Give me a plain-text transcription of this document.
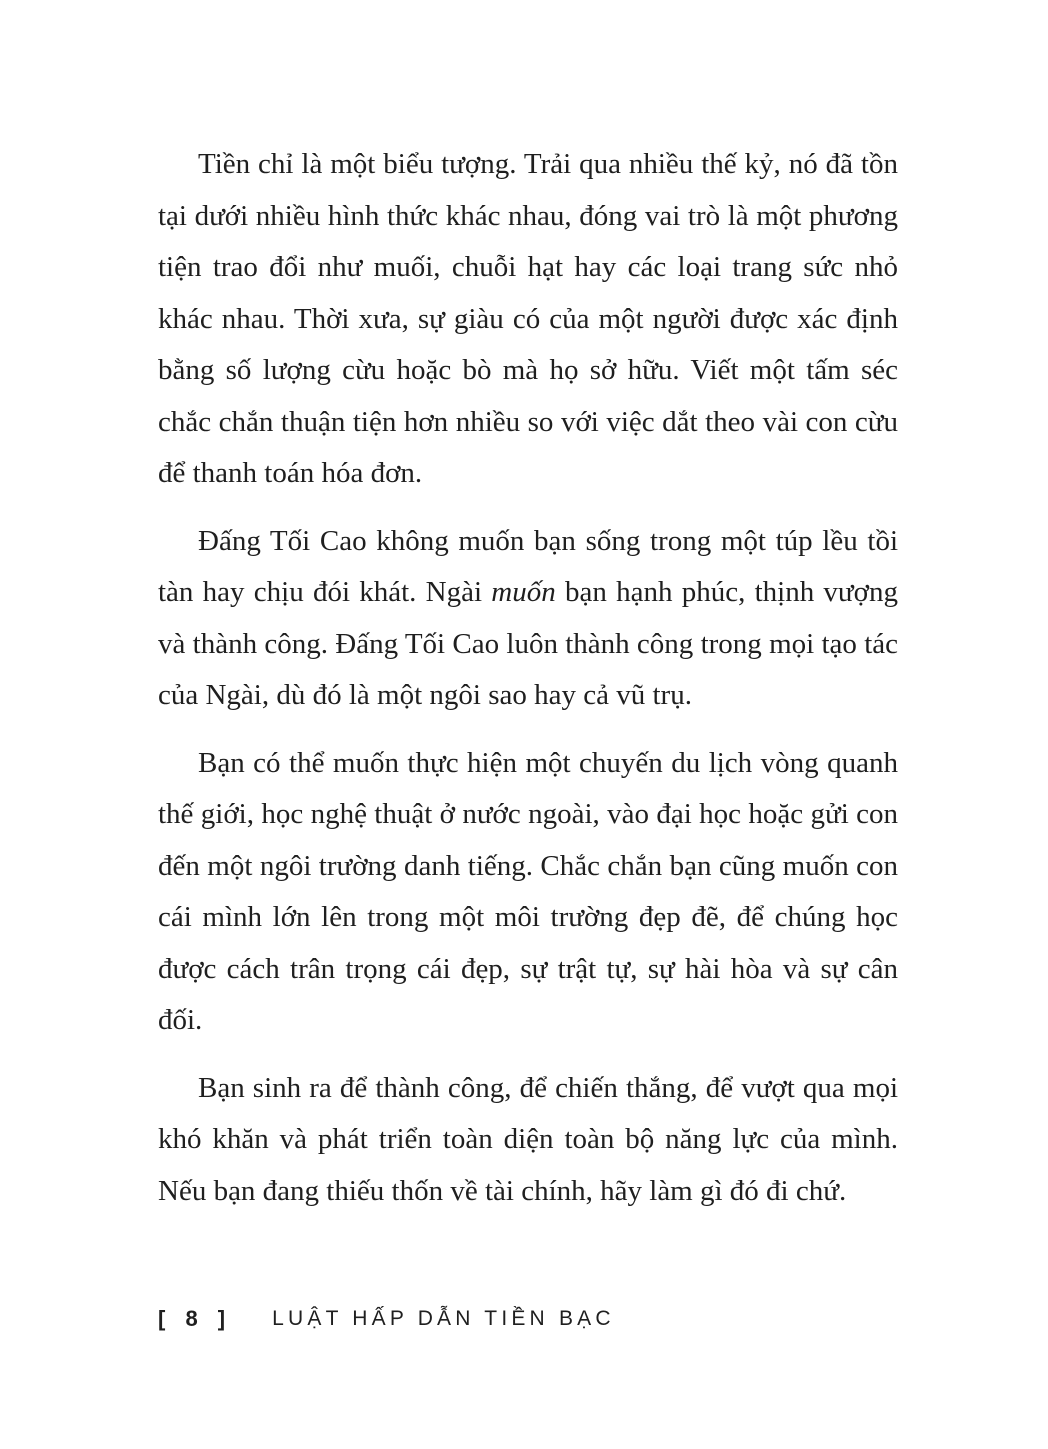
Tiền chỉ là một biểu tượng. Trải qua nhiều thế kỷ, nó đã tồn tại dưới nhiều hình thức khác nhau, đóng vai trò là một phương tiện trao đổi như muối, chuỗi hạt hay các loại trang sức nhỏ khác nhau. Thời xưa, sự giàu có của một người được xác định bằng số lượng cừu hoặc bò mà họ sở hữu. Viết một tấm séc chắc chắn thuận tiện hơn nhiều so với việc dắt theo vài con cừu để thanh toán hóa đơn.

Đấng Tối Cao không muốn bạn sống trong một túp lều tồi tàn hay chịu đói khát. Ngài muốn bạn hạnh phúc, thịnh vượng và thành công. Đấng Tối Cao luôn thành công trong mọi tạo tác của Ngài, dù đó là một ngôi sao hay cả vũ trụ.

Bạn có thể muốn thực hiện một chuyến du lịch vòng quanh thế giới, học nghệ thuật ở nước ngoài, vào đại học hoặc gửi con đến một ngôi trường danh tiếng. Chắc chắn bạn cũng muốn con cái mình lớn lên trong một môi trường đẹp đẽ, để chúng học được cách trân trọng cái đẹp, sự trật tự, sự hài hòa và sự cân đối.

Bạn sinh ra để thành công, để chiến thắng, để vượt qua mọi khó khăn và phát triển toàn diện toàn bộ năng lực của mình. Nếu bạn đang thiếu thốn về tài chính, hãy làm gì đó đi chứ.

[ 8 ] LUẬT HẤP DẪN TIỀN BẠC
